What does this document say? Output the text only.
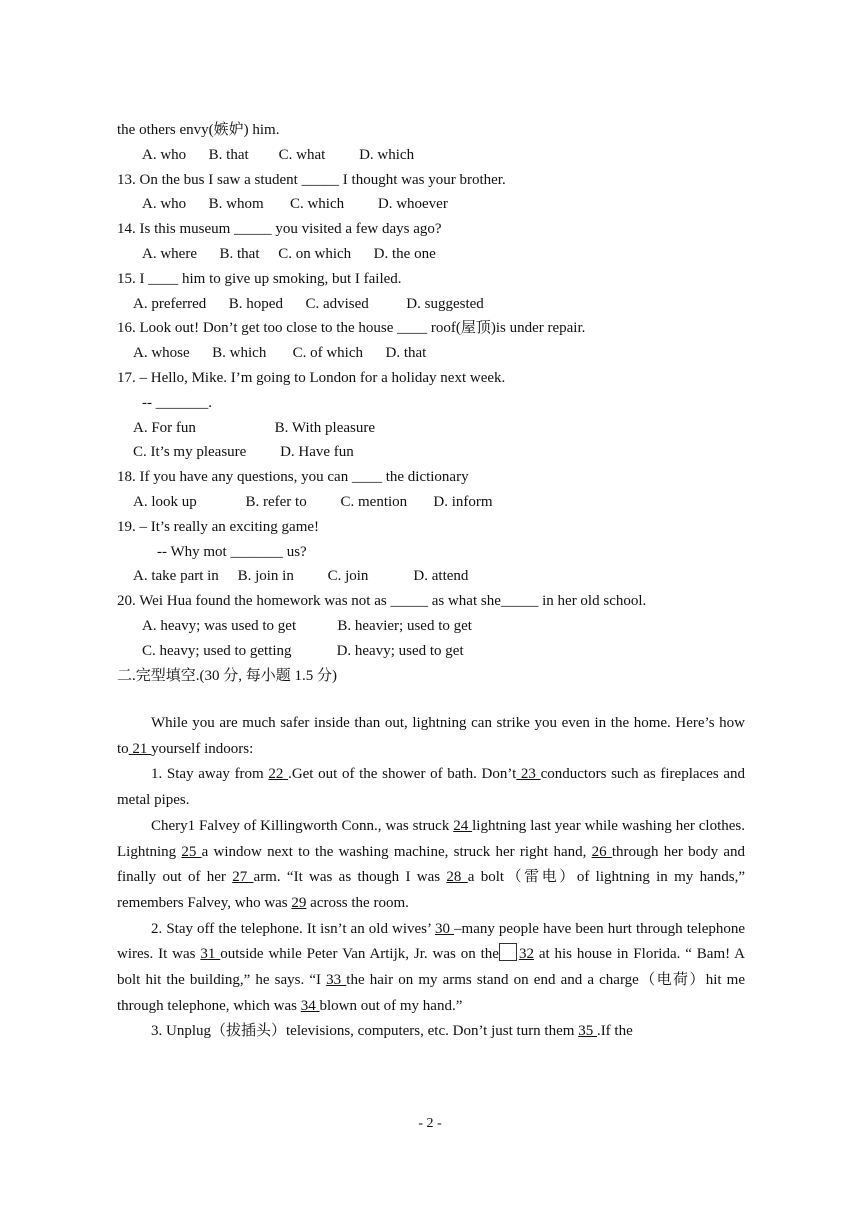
the others envy(嫉妒) him.
A. who B. that C. what D. which
13. On the bus I saw a student _____ I thought was your brother.
A. who B. whom C. which D. whoever
14. Is this museum _____ you visited a few days ago?
A. where B. that C. on which D. the one
15. I ____ him to give up smoking, but I failed.
A. preferred B. hoped C. advised	D. suggested
16. Look out! Don’t get too close to the house ____ roof(屋顶)is under repair.
A. whose B. which C. of which D. that
17. – Hello, Mike. I’m going to London for a holiday next week.
-- _______.
A. For fun	B. With pleasure
C. It’s my pleasure D. Have fun
18. If you have any questions, you can ____ the dictionary
A. look up	B. refer to C. mention D. inform
19. – It’s really an exciting game!
-- Why mot _______ us?
A. take part in B. join in C. join	D. attend
20. Wei Hua found the homework was not as _____ as what she_____ in her old school.
A. heavy; was used to get	B. heavier; used to get
C. heavy; used to getting	D. heavy; used to get
二.完型填空.(30 分, 每小题 1.5 分)

While you are much safer inside than out, lightning can strike you even in the home. Here’s how to 21 yourself indoors:

1. Stay away from 22 .Get out of the shower of bath. Don’t 23 conductors such as fireplaces and metal pipes.

Chery1 Falvey of Killingworth Conn., was struck 24 lightning last year while washing her clothes. Lightning 25 a window next to the washing machine, struck her right hand, 26 through her body and finally out of her 27 arm. “It was as though I was 28 a bolt（雷电）of lightning in my hands,” remembers Falvey, who was 29 across the room.

2. Stay off the telephone. It isn’t an old wives’ 30 –many people have been hurt through telephone wires. It was 31 outside while Peter Van Artijk, Jr. was on the 32 at his house in Florida. “ Bam! A bolt hit the building,” he says. “I 33 the hair on my arms stand on end and a charge（电荷）hit me through telephone, which was 34 blown out of my hand.”

3. Unplug（拔插头）televisions, computers, etc. Don’t just turn them 35 .If the

- 2 -
